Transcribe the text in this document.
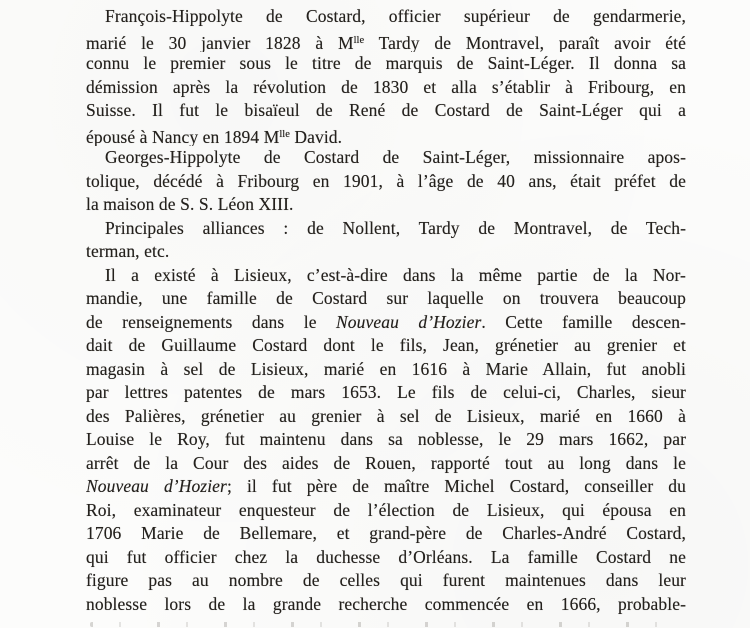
François-Hippolyte de Costard, officier supérieur de gendarmerie,
marié le 30 janvier 1828 à $M^{lle}$ Tardy de Montravel, paraît avoir été
connu le premier sous le titre de marquis de Saint-Léger. Il donna sa
démission après la révolution de 1830 et alla s’établir à Fribourg, en
Suisse. Il fut le bisaïeul de René de Costard de Saint-Léger qui a
épousé à Nancy en 1894 $M^{lle}$ David.
Georges-Hippolyte de Costard de Saint-Léger, missionnaire apos-
tolique, décédé à Fribourg en 1901, à l’âge de 40 ans, était préfet de
la maison de S. S. Léon XIII.
Principales alliances : de Nollent, Tardy de Montravel, de Tech-
terman, etc.
Il a existé à Lisieux, c’est-à-dire dans la même partie de la Nor-
mandie, une famille de Costard sur laquelle on trouvera beaucoup
de renseignements dans le Nouveau d’Hozier. Cette famille descen-
dait de Guillaume Costard dont le fils, Jean, grénetier au grenier et
magasin à sel de Lisieux, marié en 1616 à Marie Allain, fut anobli
par lettres patentes de mars 1653. Le fils de celui-ci, Charles, sieur
des Palières, grénetier au grenier à sel de Lisieux, marié en 1660 à
Louise le Roy, fut maintenu dans sa noblesse, le 29 mars 1662, par
arrêt de la Cour des aides de Rouen, rapporté tout au long dans le
Nouveau d’Hozier; il fut père de maître Michel Costard, conseiller du
Roi, examinateur enquesteur de l’élection de Lisieux, qui épousa en
1706 Marie de Bellemare, et grand-père de Charles-André Costard,
qui fut officier chez la duchesse d’Orléans. La famille Costard ne
figure pas au nombre de celles qui furent maintenues dans leur
noblesse lors de la grande recherche commencée en 1666, probable-
